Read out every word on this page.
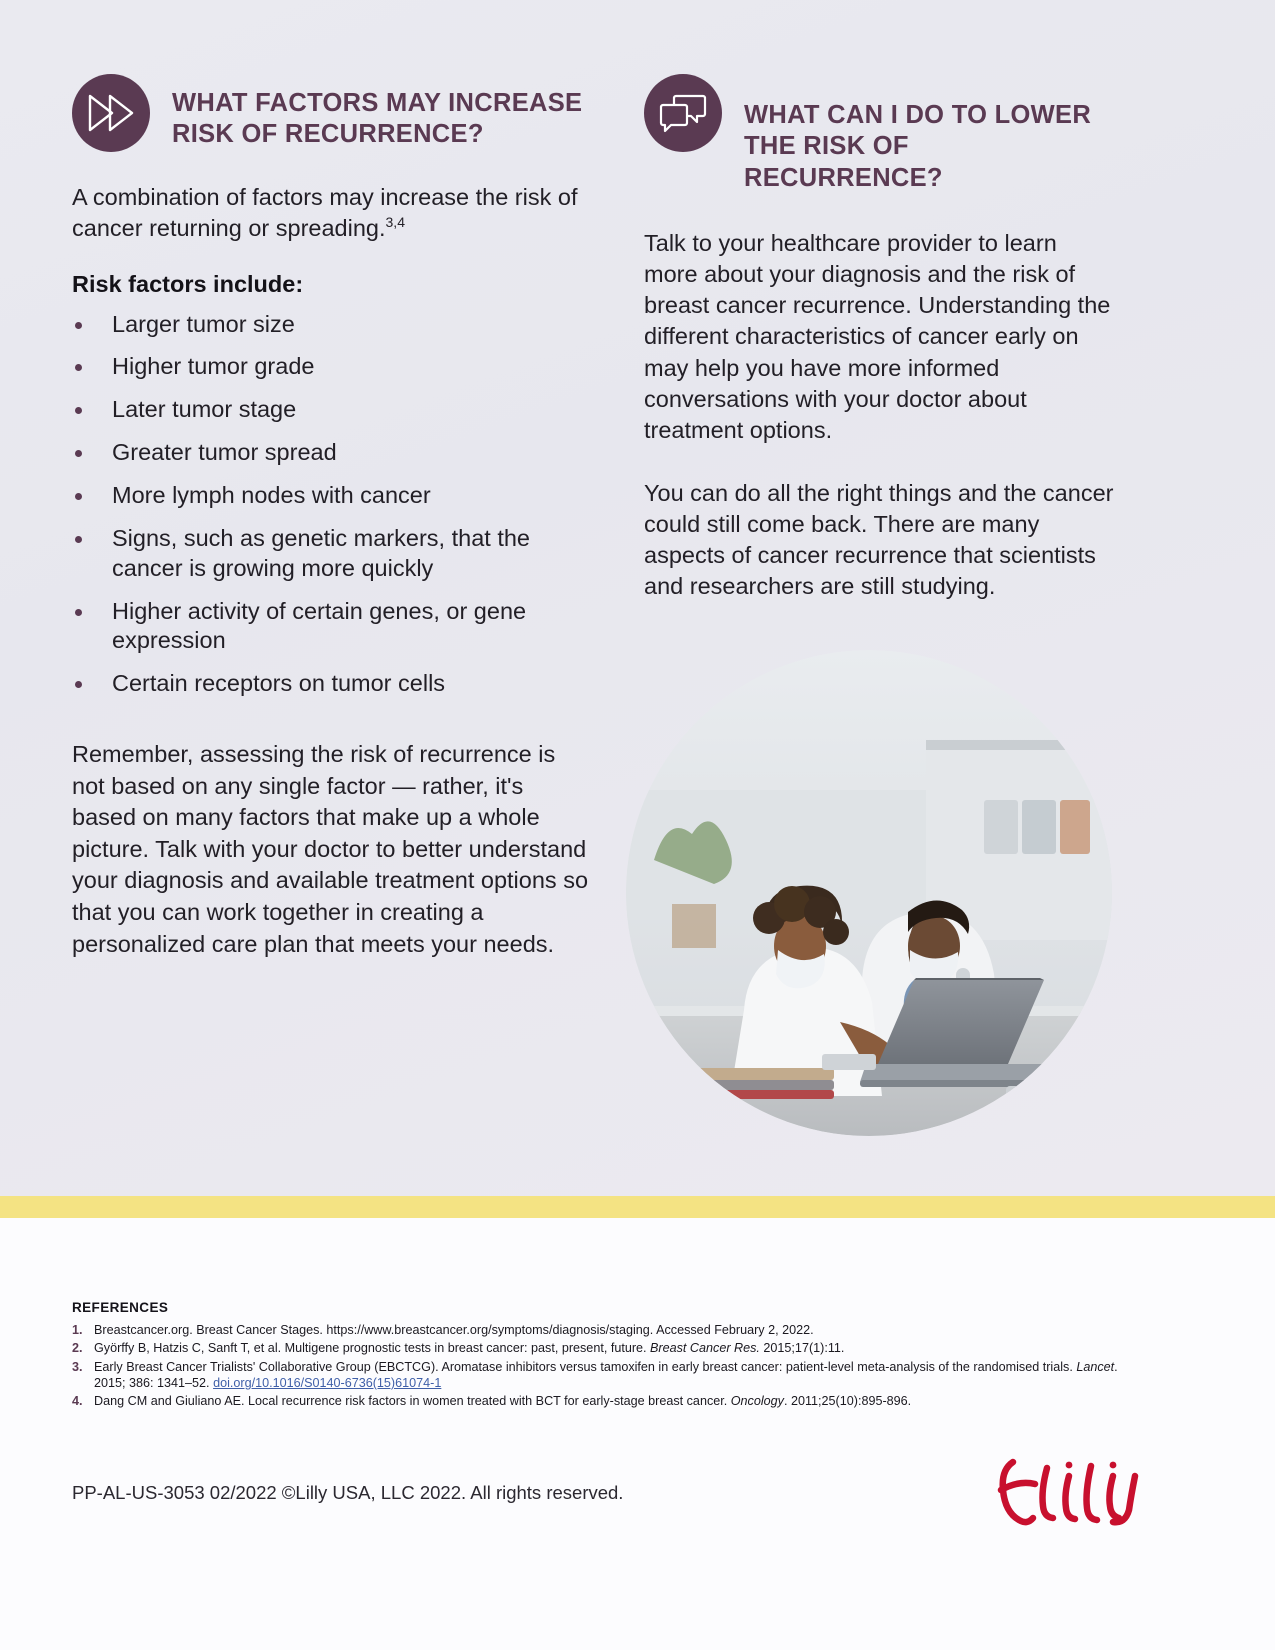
WHAT FACTORS MAY INCREASE RISK OF RECURRENCE?

A combination of factors may increase the risk of cancer returning or spreading.$^{3,4}$

Risk factors include:

Larger tumor size
Higher tumor grade
Later tumor stage
Greater tumor spread
More lymph nodes with cancer
Signs, such as genetic markers, that the cancer is growing more quickly
Higher activity of certain genes, or gene expression
Certain receptors on tumor cells

Remember, assessing the risk of recurrence is not based on any single factor — rather, it's based on many factors that make up a whole picture. Talk with your doctor to better understand your diagnosis and available treatment options so that you can work together in creating a personalized care plan that meets your needs.

WHAT CAN I DO TO LOWER THE RISK OF RECURRENCE?

Talk to your healthcare provider to learn more about your diagnosis and the risk of breast cancer recurrence. Understanding the different characteristics of cancer early on may help you have more informed conversations with your doctor about treatment options.

You can do all the right things and the cancer could still come back. There are many aspects of cancer recurrence that scientists and researchers are still studying.

REFERENCES

1. Breastcancer.org. Breast Cancer Stages. https://www.breastcancer.org/symptoms/diagnosis/staging. Accessed February 2, 2022.
2. Györffy B, Hatzis C, Sanft T, et al. Multigene prognostic tests in breast cancer: past, present, future. Breast Cancer Res. 2015;17(1):11.
3. Early Breast Cancer Trialists' Collaborative Group (EBCTCG). Aromatase inhibitors versus tamoxifen in early breast cancer: patient-level meta-analysis of the randomised trials. Lancet. 2015; 386: 1341–52. doi.org/10.1016/S0140-6736(15)61074-1
4. Dang CM and Giuliano AE. Local recurrence risk factors in women treated with BCT for early-stage breast cancer. Oncology. 2011;25(10):895-896.
PP-AL-US-3053 02/2022 ©Lilly USA, LLC 2022. All rights reserved.
